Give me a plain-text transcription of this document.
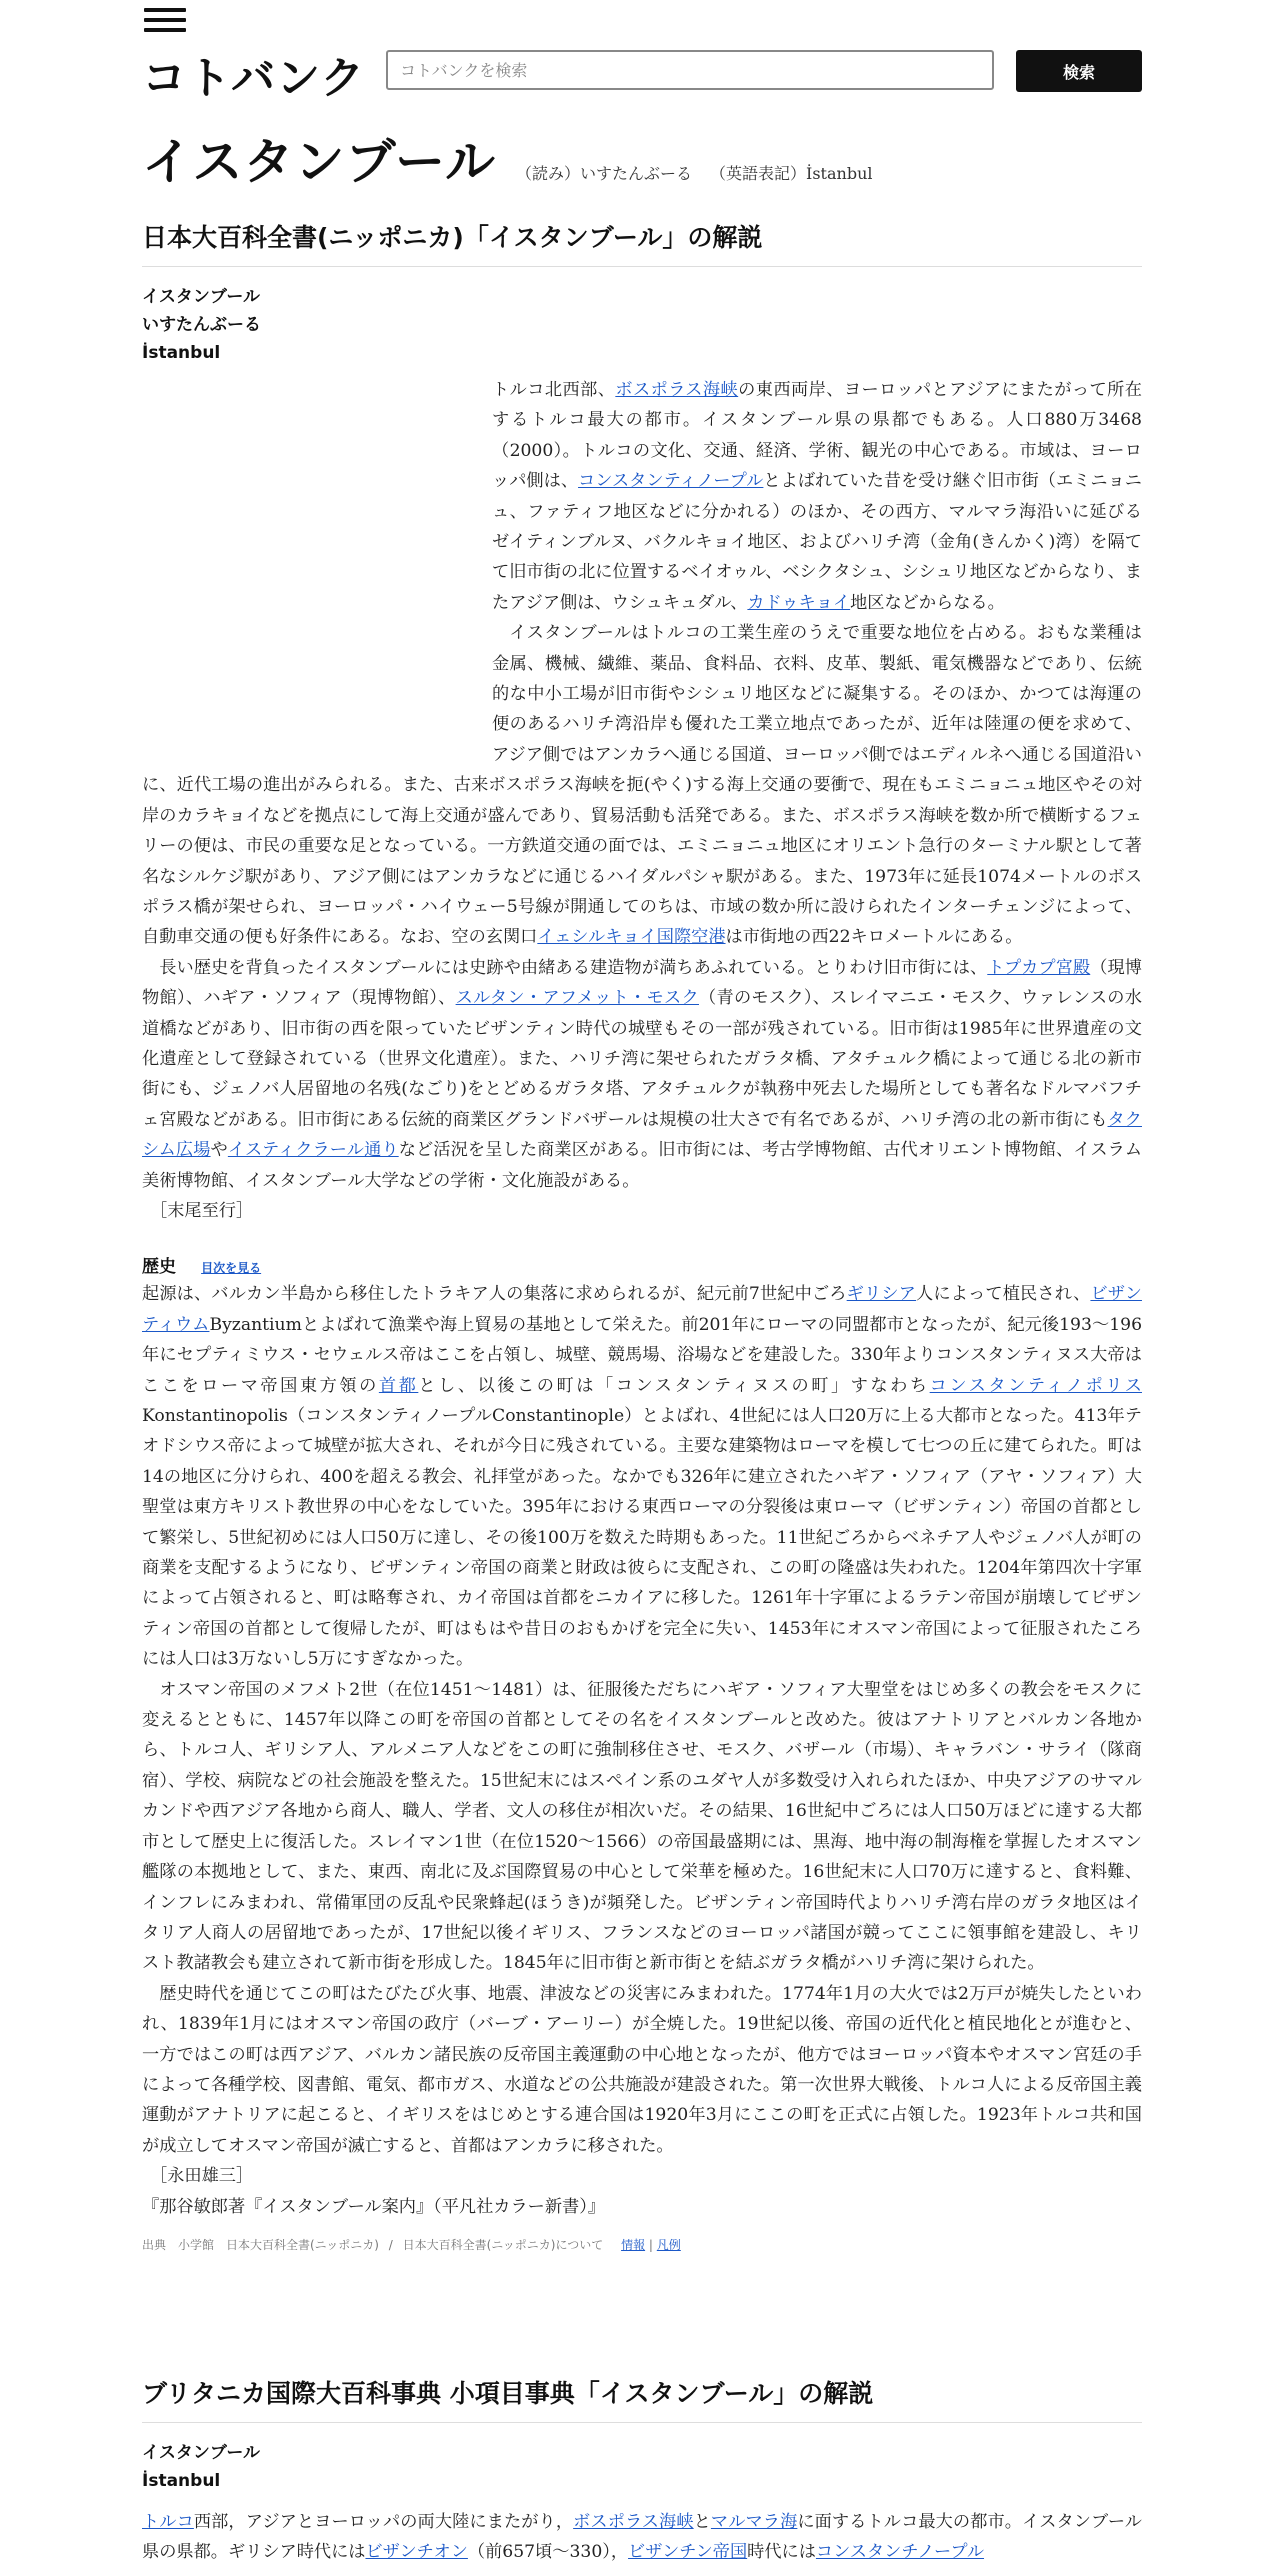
コトバンク
コトバンクを検索	検索
イスタンブール （読み）いすたんぶーる （英語表記）İstanbul
日本大百科全書(ニッポニカ)「イスタンブール」の解説
イスタンブール
いすたんぶーる
İstanbul

トルコ北西部、ボスポラス海峡の東西両岸、ヨーロッパとアジアにまたがって所在するトルコ最大の都市。イスタンブール県の県都でもある。人口880万3468（2000）。トルコの文化、交通、経済、学術、観光の中心である。市域は、ヨーロッパ側は、コンスタンティノープルとよばれていた昔を受け継ぐ旧市街（エミニョニュ、ファティフ地区などに分かれる）のほか、その西方、マルマラ海沿いに延びるゼイティンブルヌ、バクルキョイ地区、およびハリチ湾（金角(きんかく)湾）を隔てて旧市街の北に位置するベイオゥル、ベシクタシュ、シシュリ地区などからなり、またアジア側は、ウシュキュダル、カドゥキョイ地区などからなる。

イスタンブールはトルコの工業生産のうえで重要な地位を占める。おもな業種は金属、機械、繊維、薬品、食料品、衣料、皮革、製紙、電気機器などであり、伝統的な中小工場が旧市街やシシュリ地区などに凝集する。そのほか、かつては海運の便のあるハリチ湾沿岸も優れた工業立地点であったが、近年は陸運の便を求めて、アジア側ではアンカラへ通じる国道、ヨーロッパ側ではエディルネへ通じる国道沿いに、近代工場の進出がみられる。また、古来ボスポラス海峡を扼(やく)する海上交通の要衝で、現在もエミニョニュ地区やその対岸のカラキョイなどを拠点にして海上交通が盛んであり、貿易活動も活発である。また、ボスポラス海峡を数か所で横断するフェリーの便は、市民の重要な足となっている。一方鉄道交通の面では、エミニョニュ地区にオリエント急行のターミナル駅として著名なシルケジ駅があり、アジア側にはアンカラなどに通じるハイダルパシャ駅がある。また、1973年に延長1074メートルのボスポラス橋が架せられ、ヨーロッパ・ハイウェー5号線が開通してのちは、市域の数か所に設けられたインターチェンジによって、自動車交通の便も好条件にある。なお、空の玄関口イェシルキョイ国際空港は市街地の西22キロメートルにある。

長い歴史を背負ったイスタンブールには史跡や由緒ある建造物が満ちあふれている。とりわけ旧市街には、トプカプ宮殿（現博物館）、ハギア・ソフィア（現博物館）、スルタン・アフメット・モスク（青のモスク）、スレイマニエ・モスク、ウァレンスの水道橋などがあり、旧市街の西を限っていたビザンティン時代の城壁もその一部が残されている。旧市街は1985年に世界遺産の文化遺産として登録されている（世界文化遺産）。また、ハリチ湾に架せられたガラタ橋、アタチュルク橋によって通じる北の新市街にも、ジェノバ人居留地の名残(なごり)をとどめるガラタ塔、アタチュルクが執務中死去した場所としても著名なドルマバフチェ宮殿などがある。旧市街にある伝統的商業区グランドバザールは規模の壮大さで有名であるが、ハリチ湾の北の新市街にもタクシム広場やイスティクラール通りなど活況を呈した商業区がある。旧市街には、考古学博物館、古代オリエント博物館、イスラム美術博物館、イスタンブール大学などの学術・文化施設がある。

［末尾至行］

歴史 目次を見る

起源は、バルカン半島から移住したトラキア人の集落に求められるが、紀元前7世紀中ごろギリシア人によって植民され、ビザンティウムByzantiumとよばれて漁業や海上貿易の基地として栄えた。前201年にローマの同盟都市となったが、紀元後193～196年にセプティミウス・セウェルス帝はここを占領し、城壁、競馬場、浴場などを建設した。330年よりコンスタンティヌス大帝はここをローマ帝国東方領の首都とし、以後この町は「コンスタンティヌスの町」すなわちコンスタンティノポリスKonstantinopolis（コンスタンティノープルConstantinople）とよばれ、4世紀には人口20万に上る大都市となった。413年テオドシウス帝によって城壁が拡大され、それが今日に残されている。主要な建築物はローマを模して七つの丘に建てられた。町は14の地区に分けられ、400を超える教会、礼拝堂があった。なかでも326年に建立されたハギア・ソフィア（アヤ・ソフィア）大聖堂は東方キリスト教世界の中心をなしていた。395年における東西ローマの分裂後は東ローマ（ビザンティン）帝国の首都として繁栄し、5世紀初めには人口50万に達し、その後100万を数えた時期もあった。11世紀ごろからベネチア人やジェノバ人が町の商業を支配するようになり、ビザンティン帝国の商業と財政は彼らに支配され、この町の隆盛は失われた。1204年第四次十字軍によって占領されると、町は略奪され、カイ帝国は首都をニカイアに移した。1261年十字軍によるラテン帝国が崩壊してビザンティン帝国の首都として復帰したが、町はもはや昔日のおもかげを完全に失い、1453年にオスマン帝国によって征服されたころには人口は3万ないし5万にすぎなかった。

オスマン帝国のメフメト2世（在位1451～1481）は、征服後ただちにハギア・ソフィア大聖堂をはじめ多くの教会をモスクに変えるとともに、1457年以降この町を帝国の首都としてその名をイスタンブールと改めた。彼はアナトリアとバルカン各地から、トルコ人、ギリシア人、アルメニア人などをこの町に強制移住させ、モスク、バザール（市場）、キャラバン・サライ（隊商宿）、学校、病院などの社会施設を整えた。15世紀末にはスペイン系のユダヤ人が多数受け入れられたほか、中央アジアのサマルカンドや西アジア各地から商人、職人、学者、文人の移住が相次いだ。その結果、16世紀中ごろには人口50万ほどに達する大都市として歴史上に復活した。スレイマン1世（在位1520～1566）の帝国最盛期には、黒海、地中海の制海権を掌握したオスマン艦隊の本拠地として、また、東西、南北に及ぶ国際貿易の中心として栄華を極めた。16世紀末に人口70万に達すると、食料難、インフレにみまわれ、常備軍団の反乱や民衆蜂起(ほうき)が頻発した。ビザンティン帝国時代よりハリチ湾右岸のガラタ地区はイタリア人商人の居留地であったが、17世紀以後イギリス、フランスなどのヨーロッパ諸国が競ってここに領事館を建設し、キリスト教諸教会も建立されて新市街を形成した。1845年に旧市街と新市街とを結ぶガラタ橋がハリチ湾に架けられた。

歴史時代を通じてこの町はたびたび火事、地震、津波などの災害にみまわれた。1774年1月の大火では2万戸が焼失したといわれ、1839年1月にはオスマン帝国の政庁（バーブ・アーリー）が全焼した。19世紀以後、帝国の近代化と植民地化とが進むと、一方ではこの町は西アジア、バルカン諸民族の反帝国主義運動の中心地となったが、他方ではヨーロッパ資本やオスマン宮廷の手によって各種学校、図書館、電気、都市ガス、水道などの公共施設が建設された。第一次世界大戦後、トルコ人による反帝国主義運動がアナトリアに起こると、イギリスをはじめとする連合国は1920年3月にここの町を正式に占領した。1923年トルコ共和国が成立してオスマン帝国が滅亡すると、首都はアンカラに移された。

［永田雄三］

『那谷敏郎著『イスタンブール案内』（平凡社カラー新書）』

出典　小学館　日本大百科全書(ニッポニカ) / 日本大百科全書(ニッポニカ)について 情報 | 凡例
ブリタニカ国際大百科事典 小項目事典「イスタンブール」の解説
イスタンブール
İstanbul

トルコ西部，アジアとヨーロッパの両大陸にまたがり，ボスポラス海峡とマルマラ海に面するトルコ最大の都市。イスタンブール県の県都。ギリシア時代にはビザンチオン（前657頃～330），ビザンチン帝国時代にはコンスタンチノープル
